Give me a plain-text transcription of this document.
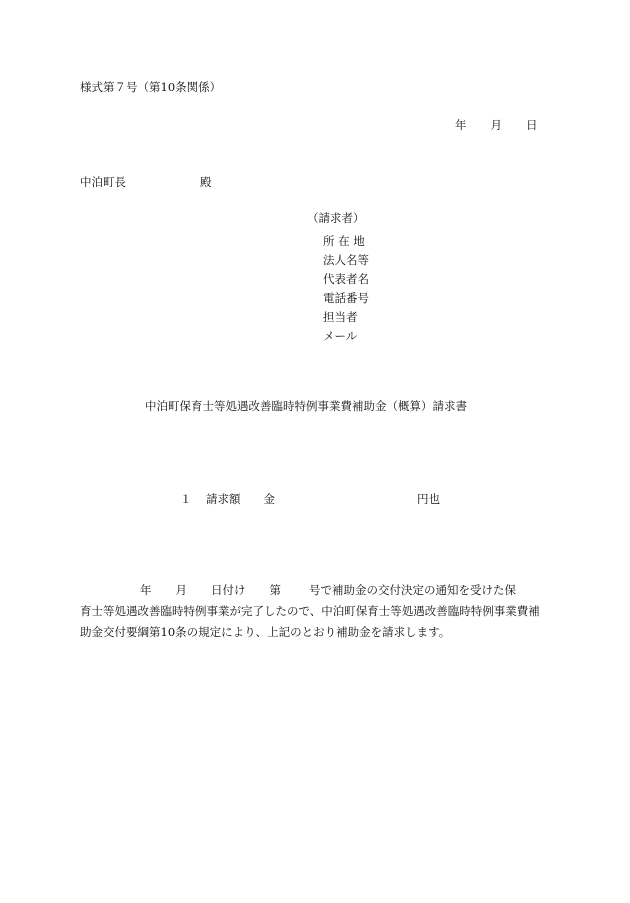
様式第７号（第10条関係）
年 月 日
中泊町長	殿
（請求者）
所 在 地
法人名等
代表者名
電話番号
担当者
メール
中泊町保育士等処遇改善臨時特例事業費補助金（概算）請求書
１ 請求額　　金	円也

年 月 日付け 第 号で補助金の交付決定の通知を受けた保

育士等処遇改善臨時特例事業が完了したので、中泊町保育士等処遇改善臨時特例事業費補

助金交付要綱第10条の規定により、上記のとおり補助金を請求します。
